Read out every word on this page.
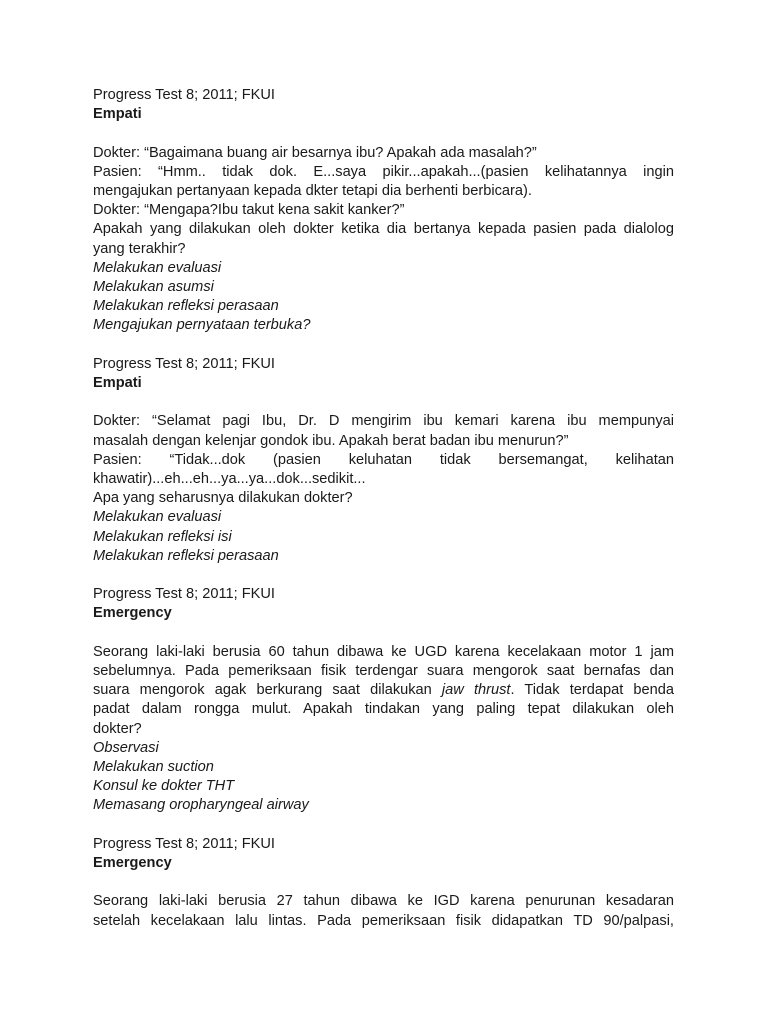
Progress Test 8; 2011; FKUI

Empati

Dokter: “Bagaimana buang air besarnya ibu? Apakah ada masalah?”

Pasien: “Hmm.. tidak dok. E...saya pikir...apakah...(pasien kelihatannya ingin

mengajukan pertanyaan kepada dkter tetapi dia berhenti berbicara).

Dokter: “Mengapa?Ibu takut kena sakit kanker?”

Apakah yang dilakukan oleh dokter ketika dia bertanya kepada pasien pada dialolog

yang terakhir?

Melakukan evaluasi

Melakukan asumsi

Melakukan refleksi perasaan

Mengajukan pernyataan terbuka?

Progress Test 8; 2011; FKUI

Empati

Dokter: “Selamat pagi Ibu, Dr. D mengirim ibu kemari karena ibu mempunyai

masalah dengan kelenjar gondok ibu. Apakah berat badan ibu menurun?”

Pasien: “Tidak...dok (pasien keluhatan tidak bersemangat, kelihatan

khawatir)...eh...eh...ya...ya...dok...sedikit...

Apa yang seharusnya dilakukan dokter?

Melakukan evaluasi

Melakukan refleksi isi

Melakukan refleksi perasaan

Progress Test 8; 2011; FKUI

Emergency

Seorang laki-laki berusia 60 tahun dibawa ke UGD karena kecelakaan motor 1 jam

sebelumnya. Pada pemeriksaan fisik terdengar suara mengorok saat bernafas dan

suara mengorok agak berkurang saat dilakukan jaw thrust. Tidak terdapat benda

padat dalam rongga mulut. Apakah tindakan yang paling tepat dilakukan oleh

dokter?

Observasi

Melakukan suction

Konsul ke dokter THT

Memasang oropharyngeal airway

Progress Test 8; 2011; FKUI

Emergency

Seorang laki-laki berusia 27 tahun dibawa ke IGD karena penurunan kesadaran

setelah kecelakaan lalu lintas. Pada pemeriksaan fisik didapatkan TD 90/palpasi,
